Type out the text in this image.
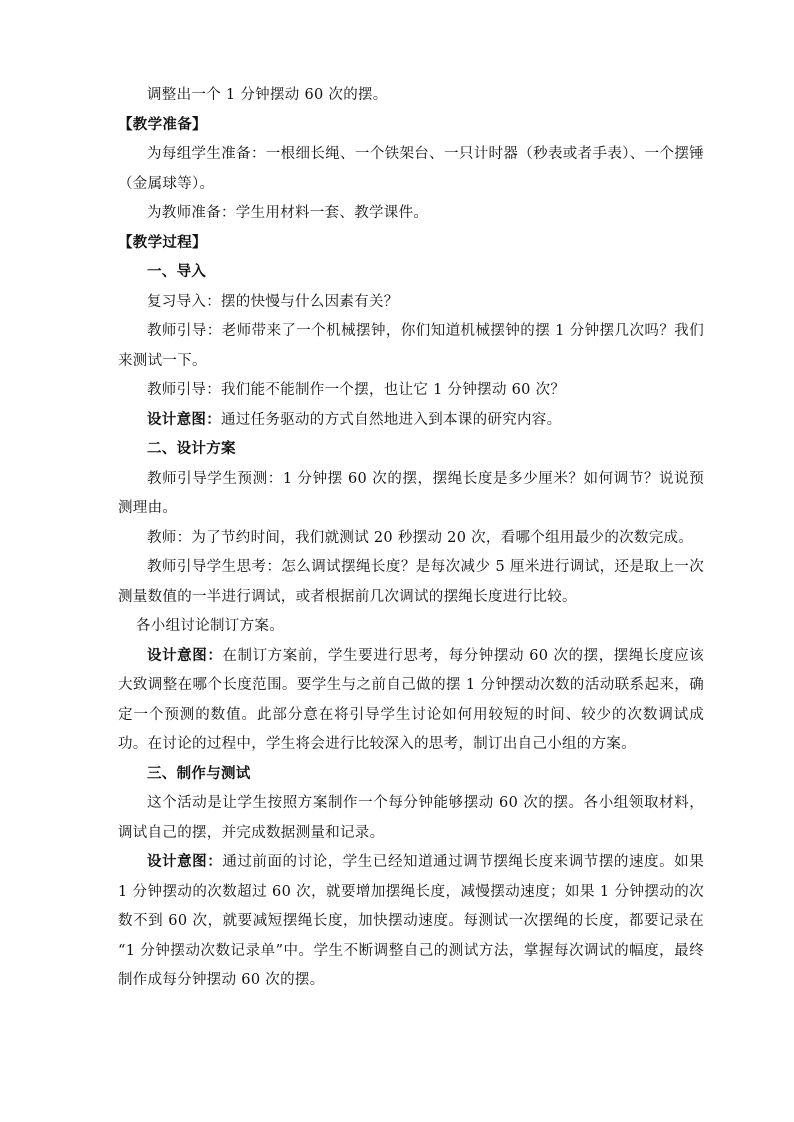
调整出一个 1 分钟摆动 60 次的摆。

【教学准备】

为每组学生准备：一根细长绳、一个铁架台、一只计时器（秒表或者手表）、一个摆锤（金属球等）。

为教师准备：学生用材料一套、教学课件。

【教学过程】

一、导入

复习导入：摆的快慢与什么因素有关？

教师引导：老师带来了一个机械摆钟，你们知道机械摆钟的摆 1 分钟摆几次吗？我们来测试一下。

教师引导：我们能不能制作一个摆，也让它 1 分钟摆动 60 次？

设计意图：通过任务驱动的方式自然地进入到本课的研究内容。

二、设计方案

教师引导学生预测：1 分钟摆 60 次的摆，摆绳长度是多少厘米？如何调节？说说预测理由。

教师：为了节约时间，我们就测试 20 秒摆动 20 次，看哪个组用最少的次数完成。

教师引导学生思考：怎么调试摆绳长度？是每次减少 5 厘米进行调试，还是取上一次测量数值的一半进行调试，或者根据前几次调试的摆绳长度进行比较。

各小组讨论制订方案。

设计意图：在制订方案前，学生要进行思考，每分钟摆动 60 次的摆，摆绳长度应该大致调整在哪个长度范围。要学生与之前自己做的摆 1 分钟摆动次数的活动联系起来，确定一个预测的数值。此部分意在将引导学生讨论如何用较短的时间、较少的次数调试成功。在讨论的过程中，学生将会进行比较深入的思考，制订出自己小组的方案。

三、制作与测试

这个活动是让学生按照方案制作一个每分钟能够摆动 60 次的摆。各小组领取材料，调试自己的摆，并完成数据测量和记录。

设计意图：通过前面的讨论，学生已经知道通过调节摆绳长度来调节摆的速度。如果 1 分钟摆动的次数超过 60 次，就要增加摆绳长度，减慢摆动速度；如果 1 分钟摆动的次数不到 60 次，就要减短摆绳长度，加快摆动速度。每测试一次摆绳的长度，都要记录在 “1 分钟摆动次数记录单”中。学生不断调整自己的测试方法，掌握每次调试的幅度，最终制作成每分钟摆动 60 次的摆。
